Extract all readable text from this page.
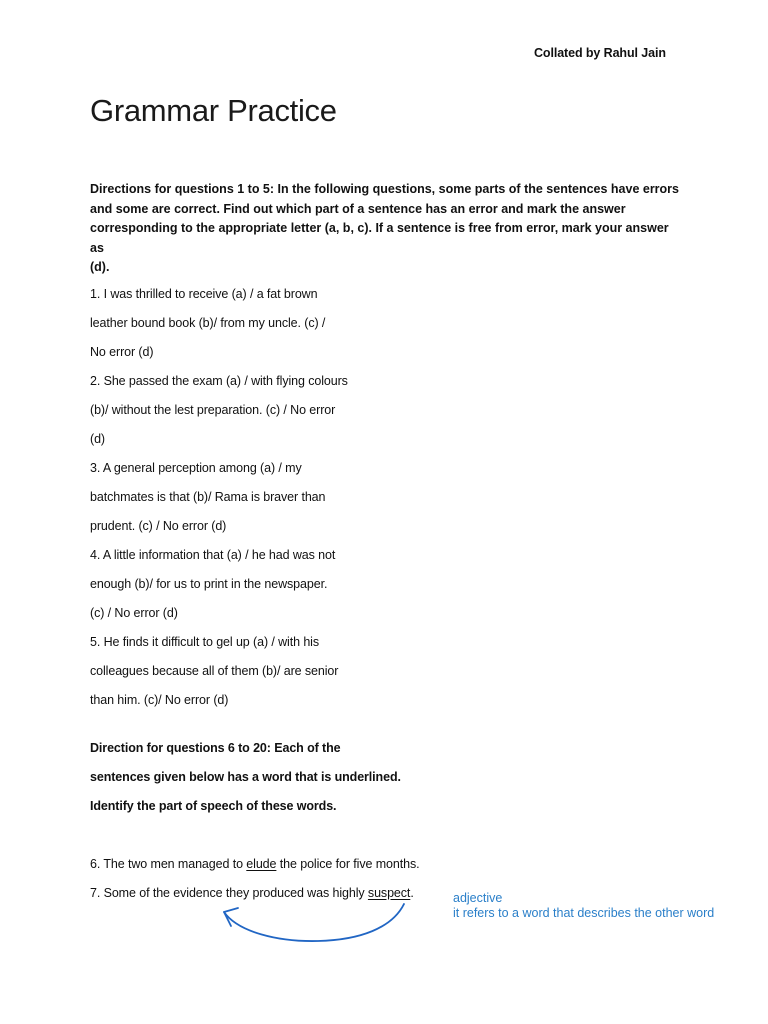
Collated by Rahul Jain
Grammar Practice

Directions for questions 1 to 5: In the following questions, some parts of the sentences have errors

and some are correct. Find out which part of a sentence has an error and mark the answer

corresponding to the appropriate letter (a, b, c). If a sentence is free from error, mark your answer as

(d).

1. I was thrilled to receive (a) / a fat brown
leather bound book (b)/ from my uncle. (c) /
No error (d)
2. She passed the exam (a) / with flying colours
(b)/ without the lest preparation. (c) / No error
(d)
3. A general perception among (a) / my
batchmates is that (b)/ Rama is braver than
prudent. (c) / No error (d)
4. A little information that (a) / he had was not
enough (b)/ for us to print in the newspaper.
(c) / No error (d)
5. He finds it difficult to gel up (a) / with his
colleagues because all of them (b)/ are senior
than him. (c)/ No error (d)
Direction for questions 6 to 20: Each of the
sentences given below has a word that is underlined.
Identify the part of speech of these words.
6. The two men managed to elude the police for five months.
7. Some of the evidence they produced was highly suspect.	adjective
it refers to a word that describes the other word
